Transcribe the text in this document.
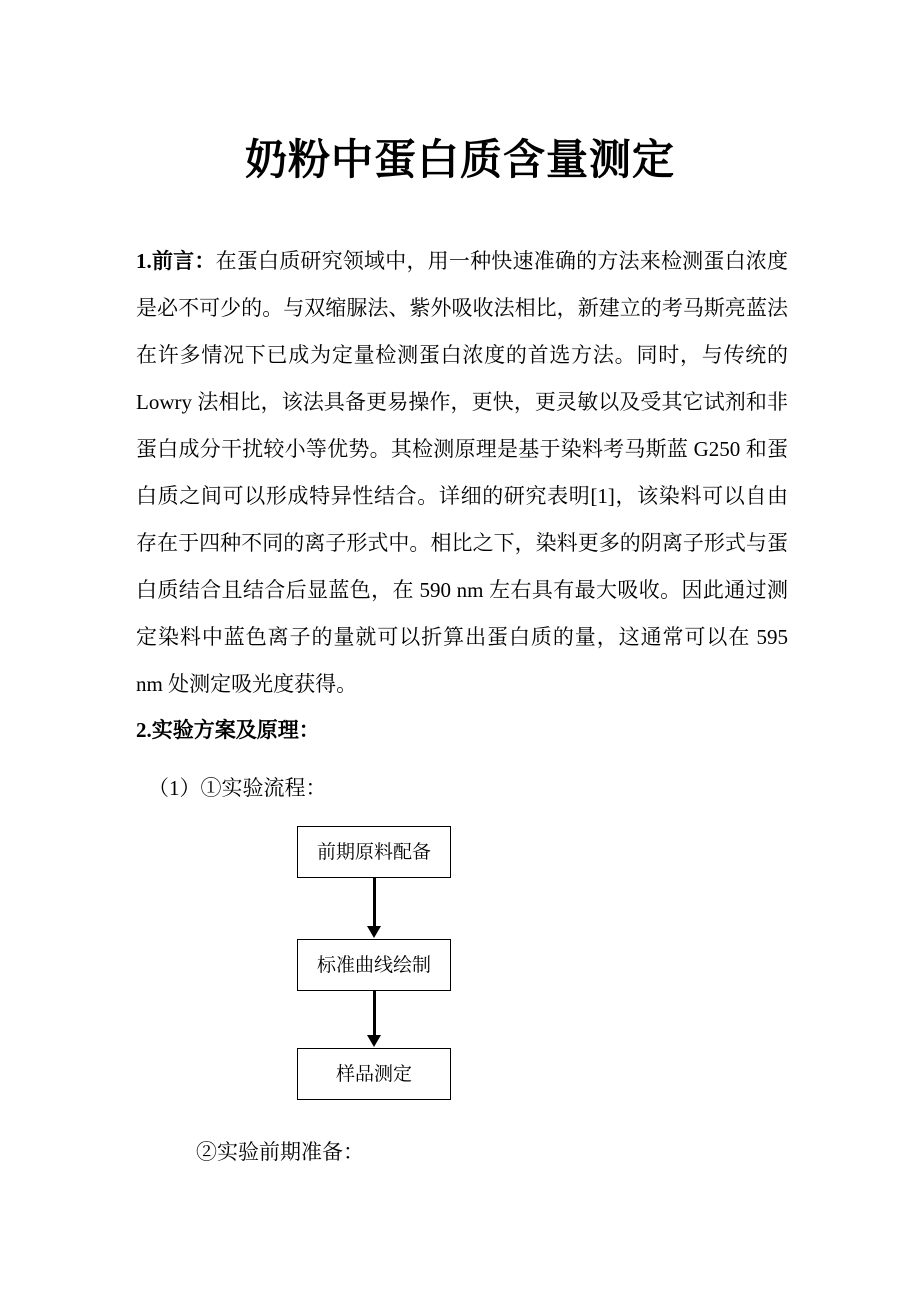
奶粉中蛋白质含量测定

1.前言：在蛋白质研究领域中，用一种快速准确的方法来检测蛋白浓度是必不可少的。与双缩脲法、紫外吸收法相比，新建立的考马斯亮蓝法在许多情况下已成为定量检测蛋白浓度的首选方法。同时，与传统的 Lowry 法相比，该法具备更易操作，更快，更灵敏以及受其它试剂和非蛋白成分干扰较小等优势。其检测原理是基于染料考马斯蓝 G250 和蛋白质之间可以形成特异性结合。详细的研究表明[1]，该染料可以自由存在于四种不同的离子形式中。相比之下，染料更多的阴离子形式与蛋白质结合且结合后显蓝色，在 590 nm 左右具有最大吸收。因此通过测定染料中蓝色离子的量就可以折算出蛋白质的量，这通常可以在 595 nm 处测定吸光度获得。

2.实验方案及原理：

（1）①实验流程：

前期原料配备
标准曲线绘制
样品测定

②实验前期准备：
